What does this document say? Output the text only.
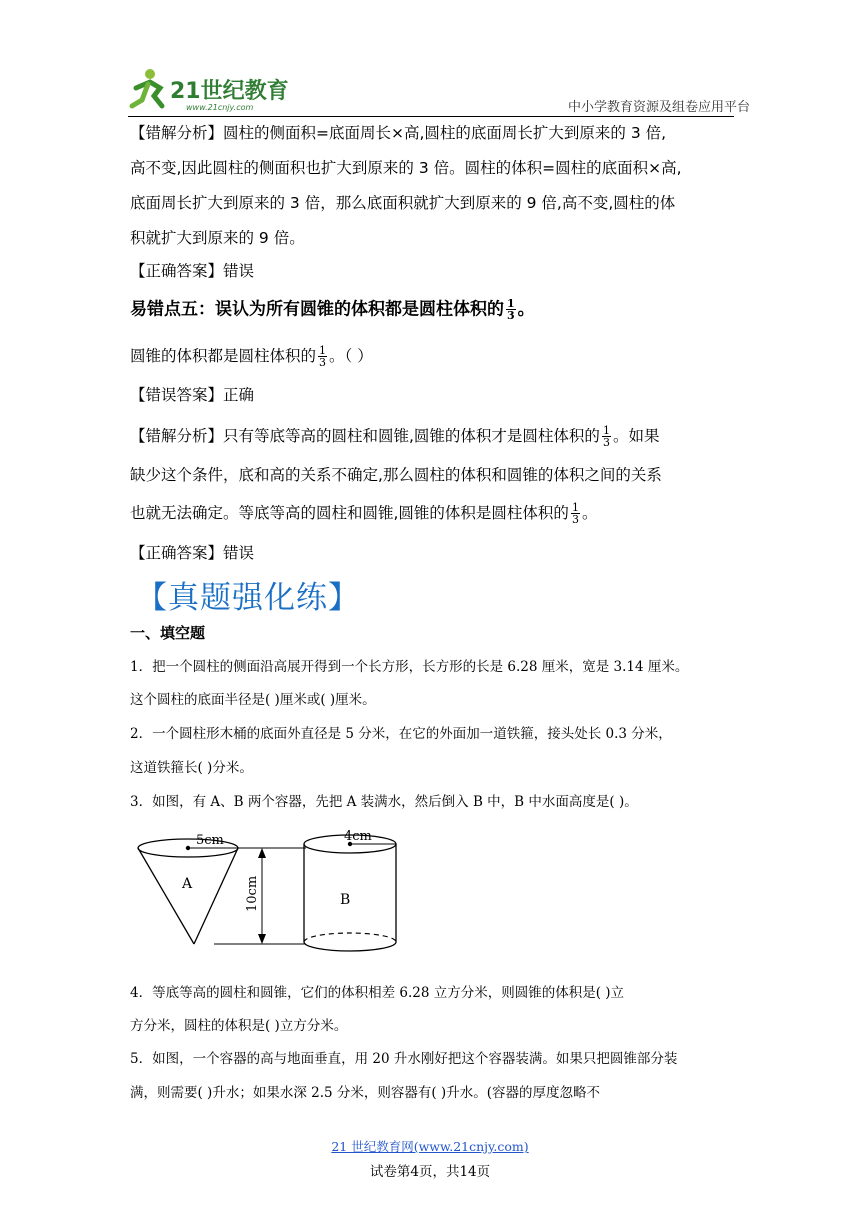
21世纪教育
www.21cnjy.com	中小学教育资源及组卷应用平台
【错解分析】圆柱的侧面积=底面周长×高,圆柱的底面周长扩大到原来的 3 倍,
高不变,因此圆柱的侧面积也扩大到原来的 3 倍。圆柱的体积=圆柱的底面积×高,
底面周长扩大到原来的 3 倍，那么底面积就扩大到原来的 9 倍,高不变,圆柱的体
积就扩大到原来的 9 倍。
【正确答案】错误
易错点五：误认为所有圆锥的体积都是圆柱体积的 $\frac{1}{3}$ 。
圆锥的体积都是圆柱体积的 $\frac{1}{3}$ 。（ ）
【错误答案】正确
【错解分析】只有等底等高的圆柱和圆锥,圆锥的体积才是圆柱体积的 $\frac{1}{3}$ 。如果
缺少这个条件，底和高的关系不确定,那么圆柱的体积和圆锥的体积之间的关系
也就无法确定。等底等高的圆柱和圆锥,圆锥的体积是圆柱体积的 $\frac{1}{3}$ 。
【正确答案】错误
【真题强化练】
一、填空题
1．把一个圆柱的侧面沿高展开得到一个长方形，长方形的长是 6.28 厘米，宽是 3.14 厘米。
这个圆柱的底面半径是( )厘米或( )厘米。
2．一个圆柱形木桶的底面外直径是 5 分米，在它的外面加一道铁箍，接头处长 0.3 分米，
这道铁箍长( )分米。
3．如图，有 A、B 两个容器，先把 A 装满水，然后倒入 B 中，B 中水面高度是( )。
5cm
A	10cm
4cm
B
4．等底等高的圆柱和圆锥，它们的体积相差 6.28 立方分米，则圆锥的体积是( )立
方分米，圆柱的体积是( )立方分米。
5．如图，一个容器的高与地面垂直，用 20 升水刚好把这个容器装满。如果只把圆锥部分装
满，则需要( )升水；如果水深 2.5 分米，则容器有( )升水。(容器的厚度忽略不
21 世纪教育网(www.21cnjy.com)
试卷第4页，共14页
